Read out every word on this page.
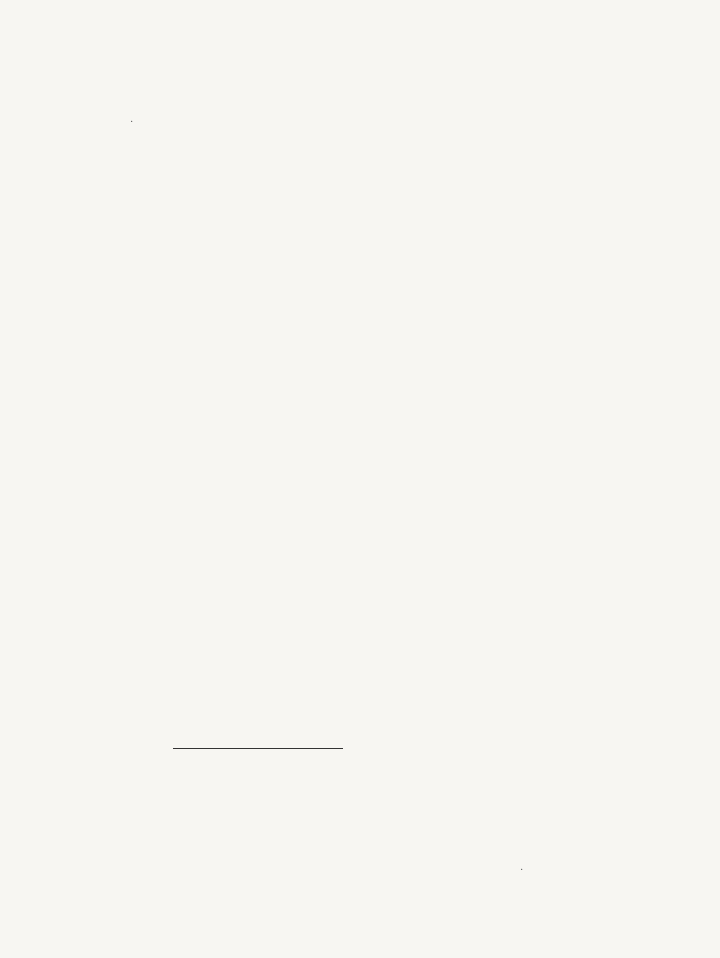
·
·
